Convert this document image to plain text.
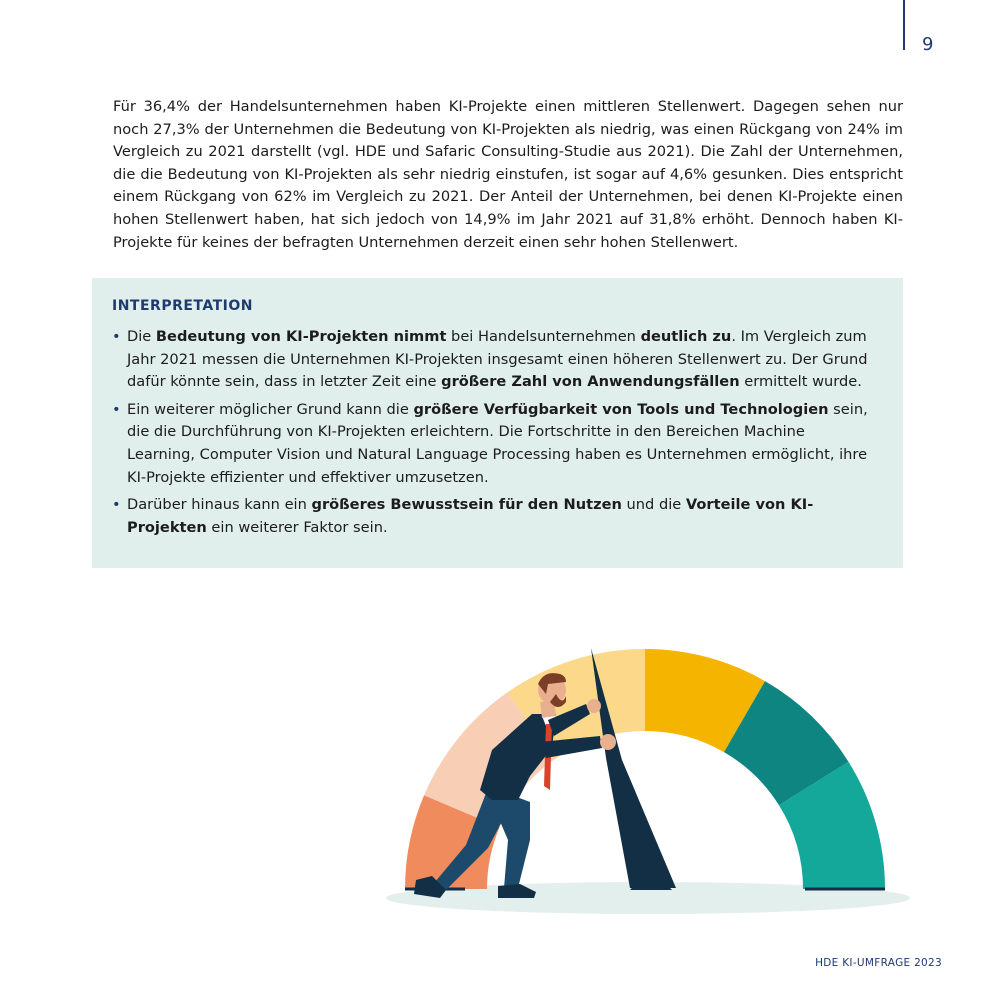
9

Für 36,4% der Handelsunternehmen haben KI-Projekte einen mittleren Stellenwert. Dagegen sehen nur noch 27,3% der Unternehmen die Bedeutung von KI-Projekten als niedrig, was einen Rückgang von 24% im Vergleich zu 2021 darstellt (vgl. HDE und Safaric Consulting-Studie aus 2021). Die Zahl der Unternehmen, die die Bedeutung von KI-Projekten als sehr niedrig einstufen, ist sogar auf 4,6% gesunken. Dies entspricht einem Rückgang von 62% im Vergleich zu 2021. Der Anteil der Unternehmen, bei denen KI-Projekte einen hohen Stellenwert haben, hat sich jedoch von 14,9% im Jahr 2021 auf 31,8% erhöht. Dennoch haben KI-Projekte für keines der befragten Unternehmen derzeit einen sehr hohen Stellenwert.

INTERPRETATION
• Die Bedeutung von KI-Projekten nimmt bei Handelsunternehmen deutlich zu. Im Vergleich zum Jahr 2021 messen die Unternehmen KI-Projekten insgesamt einen höheren Stellenwert zu. Der Grund dafür könnte sein, dass in letzter Zeit eine größere Zahl von Anwendungsfällen ermittelt wurde.
• Ein weiterer möglicher Grund kann die größere Verfügbarkeit von Tools und Technologien sein, die die Durchführung von KI-Projekten erleichtern. Die Fortschritte in den Bereichen Machine Learning, Computer Vision und Natural Language Processing haben es Unternehmen ermöglicht, ihre KI-Projekte effizienter und effektiver umzusetzen.
• Darüber hinaus kann ein größeres Bewusstsein für den Nutzen und die Vorteile von KI-Projekten ein weiterer Faktor sein.
HDE KI-UMFRAGE 2023
